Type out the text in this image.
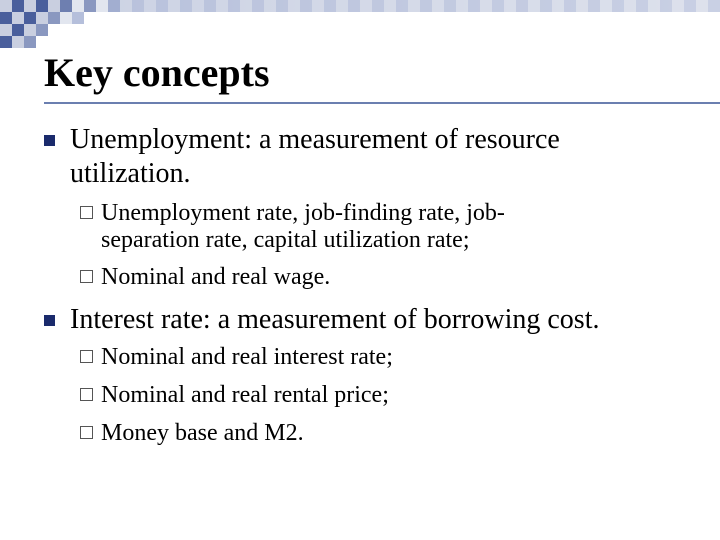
Key concepts
Unemployment: a measurement of resource
utilization.
Unemployment rate, job-finding rate, job-
separation rate, capital utilization rate;
Nominal and real wage.
Interest rate: a measurement of borrowing cost.
Nominal and real interest rate;
Nominal and real rental price;
Money base and M2.
